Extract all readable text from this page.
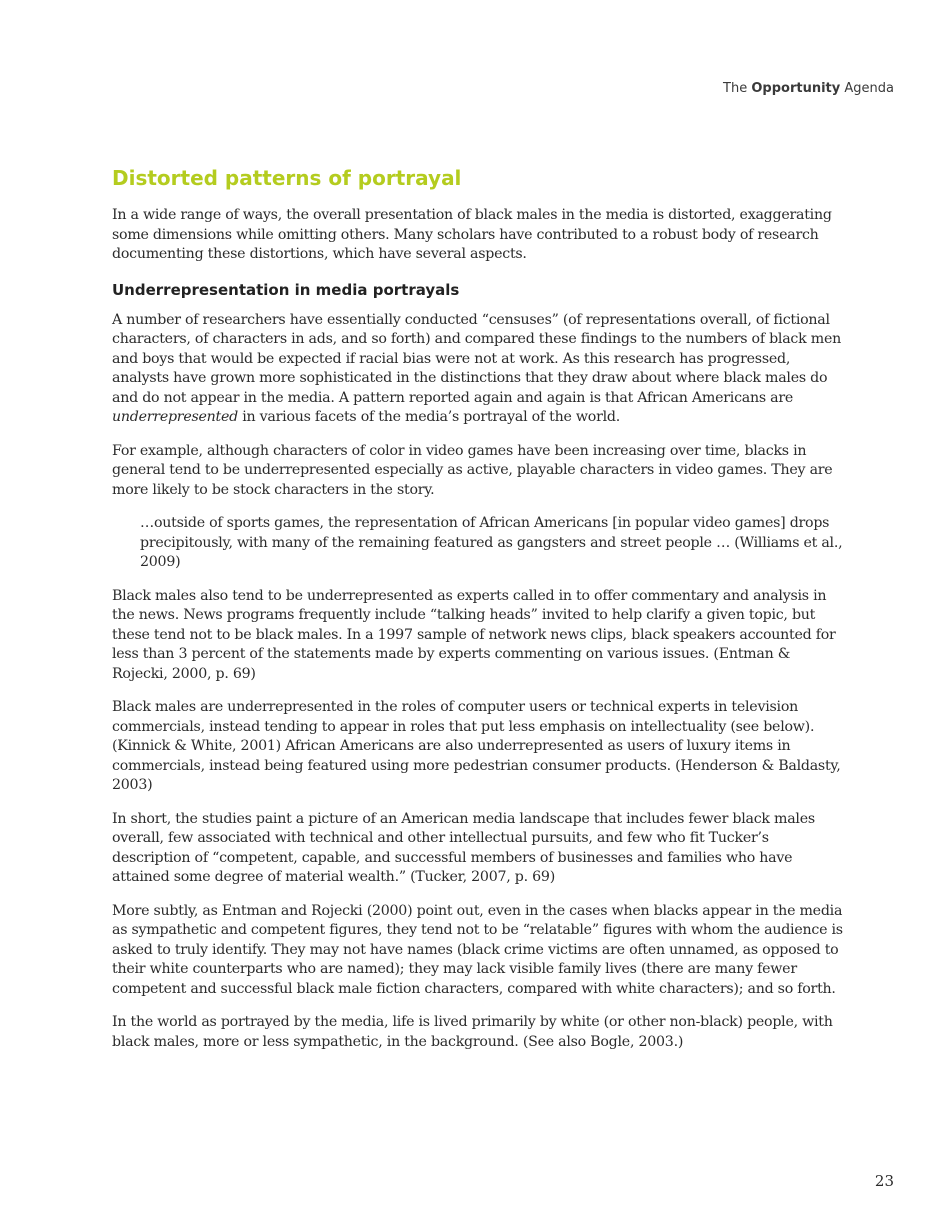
The Opportunity Agenda
Distorted patterns of portrayal

In a wide range of ways, the overall presentation of black males in the media is distorted, exaggerating some dimensions while omitting others. Many scholars have contributed to a robust body of research documenting these distortions, which have several aspects.

Underrepresentation in media portrayals

A number of researchers have essentially conducted “censuses” (of representations overall, of fictional characters, of characters in ads, and so forth) and compared these findings to the numbers of black men and boys that would be expected if racial bias were not at work. As this research has progressed, analysts have grown more sophisticated in the distinctions that they draw about where black males do and do not appear in the media. A pattern reported again and again is that African Americans are underrepresented in various facets of the media’s portrayal of the world.

For example, although characters of color in video games have been increasing over time, blacks in general tend to be underrepresented especially as active, playable characters in video games. They are more likely to be stock characters in the story.

…outside of sports games, the representation of African Americans [in popular video games] drops precipitously, with many of the remaining featured as gangsters and street people … (Williams et al., 2009)

Black males also tend to be underrepresented as experts called in to offer commentary and analysis in the news. News programs frequently include “talking heads” invited to help clarify a given topic, but these tend not to be black males. In a 1997 sample of network news clips, black speakers accounted for less than 3 percent of the statements made by experts commenting on various issues. (Entman & Rojecki, 2000, p. 69)

Black males are underrepresented in the roles of computer users or technical experts in television commercials, instead tending to appear in roles that put less emphasis on intellectuality (see below). (Kinnick & White, 2001) African Americans are also underrepresented as users of luxury items in commercials, instead being featured using more pedestrian consumer products. (Henderson & Baldasty, 2003)

In short, the studies paint a picture of an American media landscape that includes fewer black males overall, few associated with technical and other intellectual pursuits, and few who fit Tucker’s description of “competent, capable, and successful members of businesses and families who have attained some degree of material wealth.” (Tucker, 2007, p. 69)

More subtly, as Entman and Rojecki (2000) point out, even in the cases when blacks appear in the media as sympathetic and competent figures, they tend not to be “relatable” figures with whom the audience is asked to truly identify. They may not have names (black crime victims are often unnamed, as opposed to their white counterparts who are named); they may lack visible family lives (there are many fewer competent and successful black male fiction characters, compared with white characters); and so forth.

In the world as portrayed by the media, life is lived primarily by white (or other non-black) people, with black males, more or less sympathetic, in the background. (See also Bogle, 2003.)

23
